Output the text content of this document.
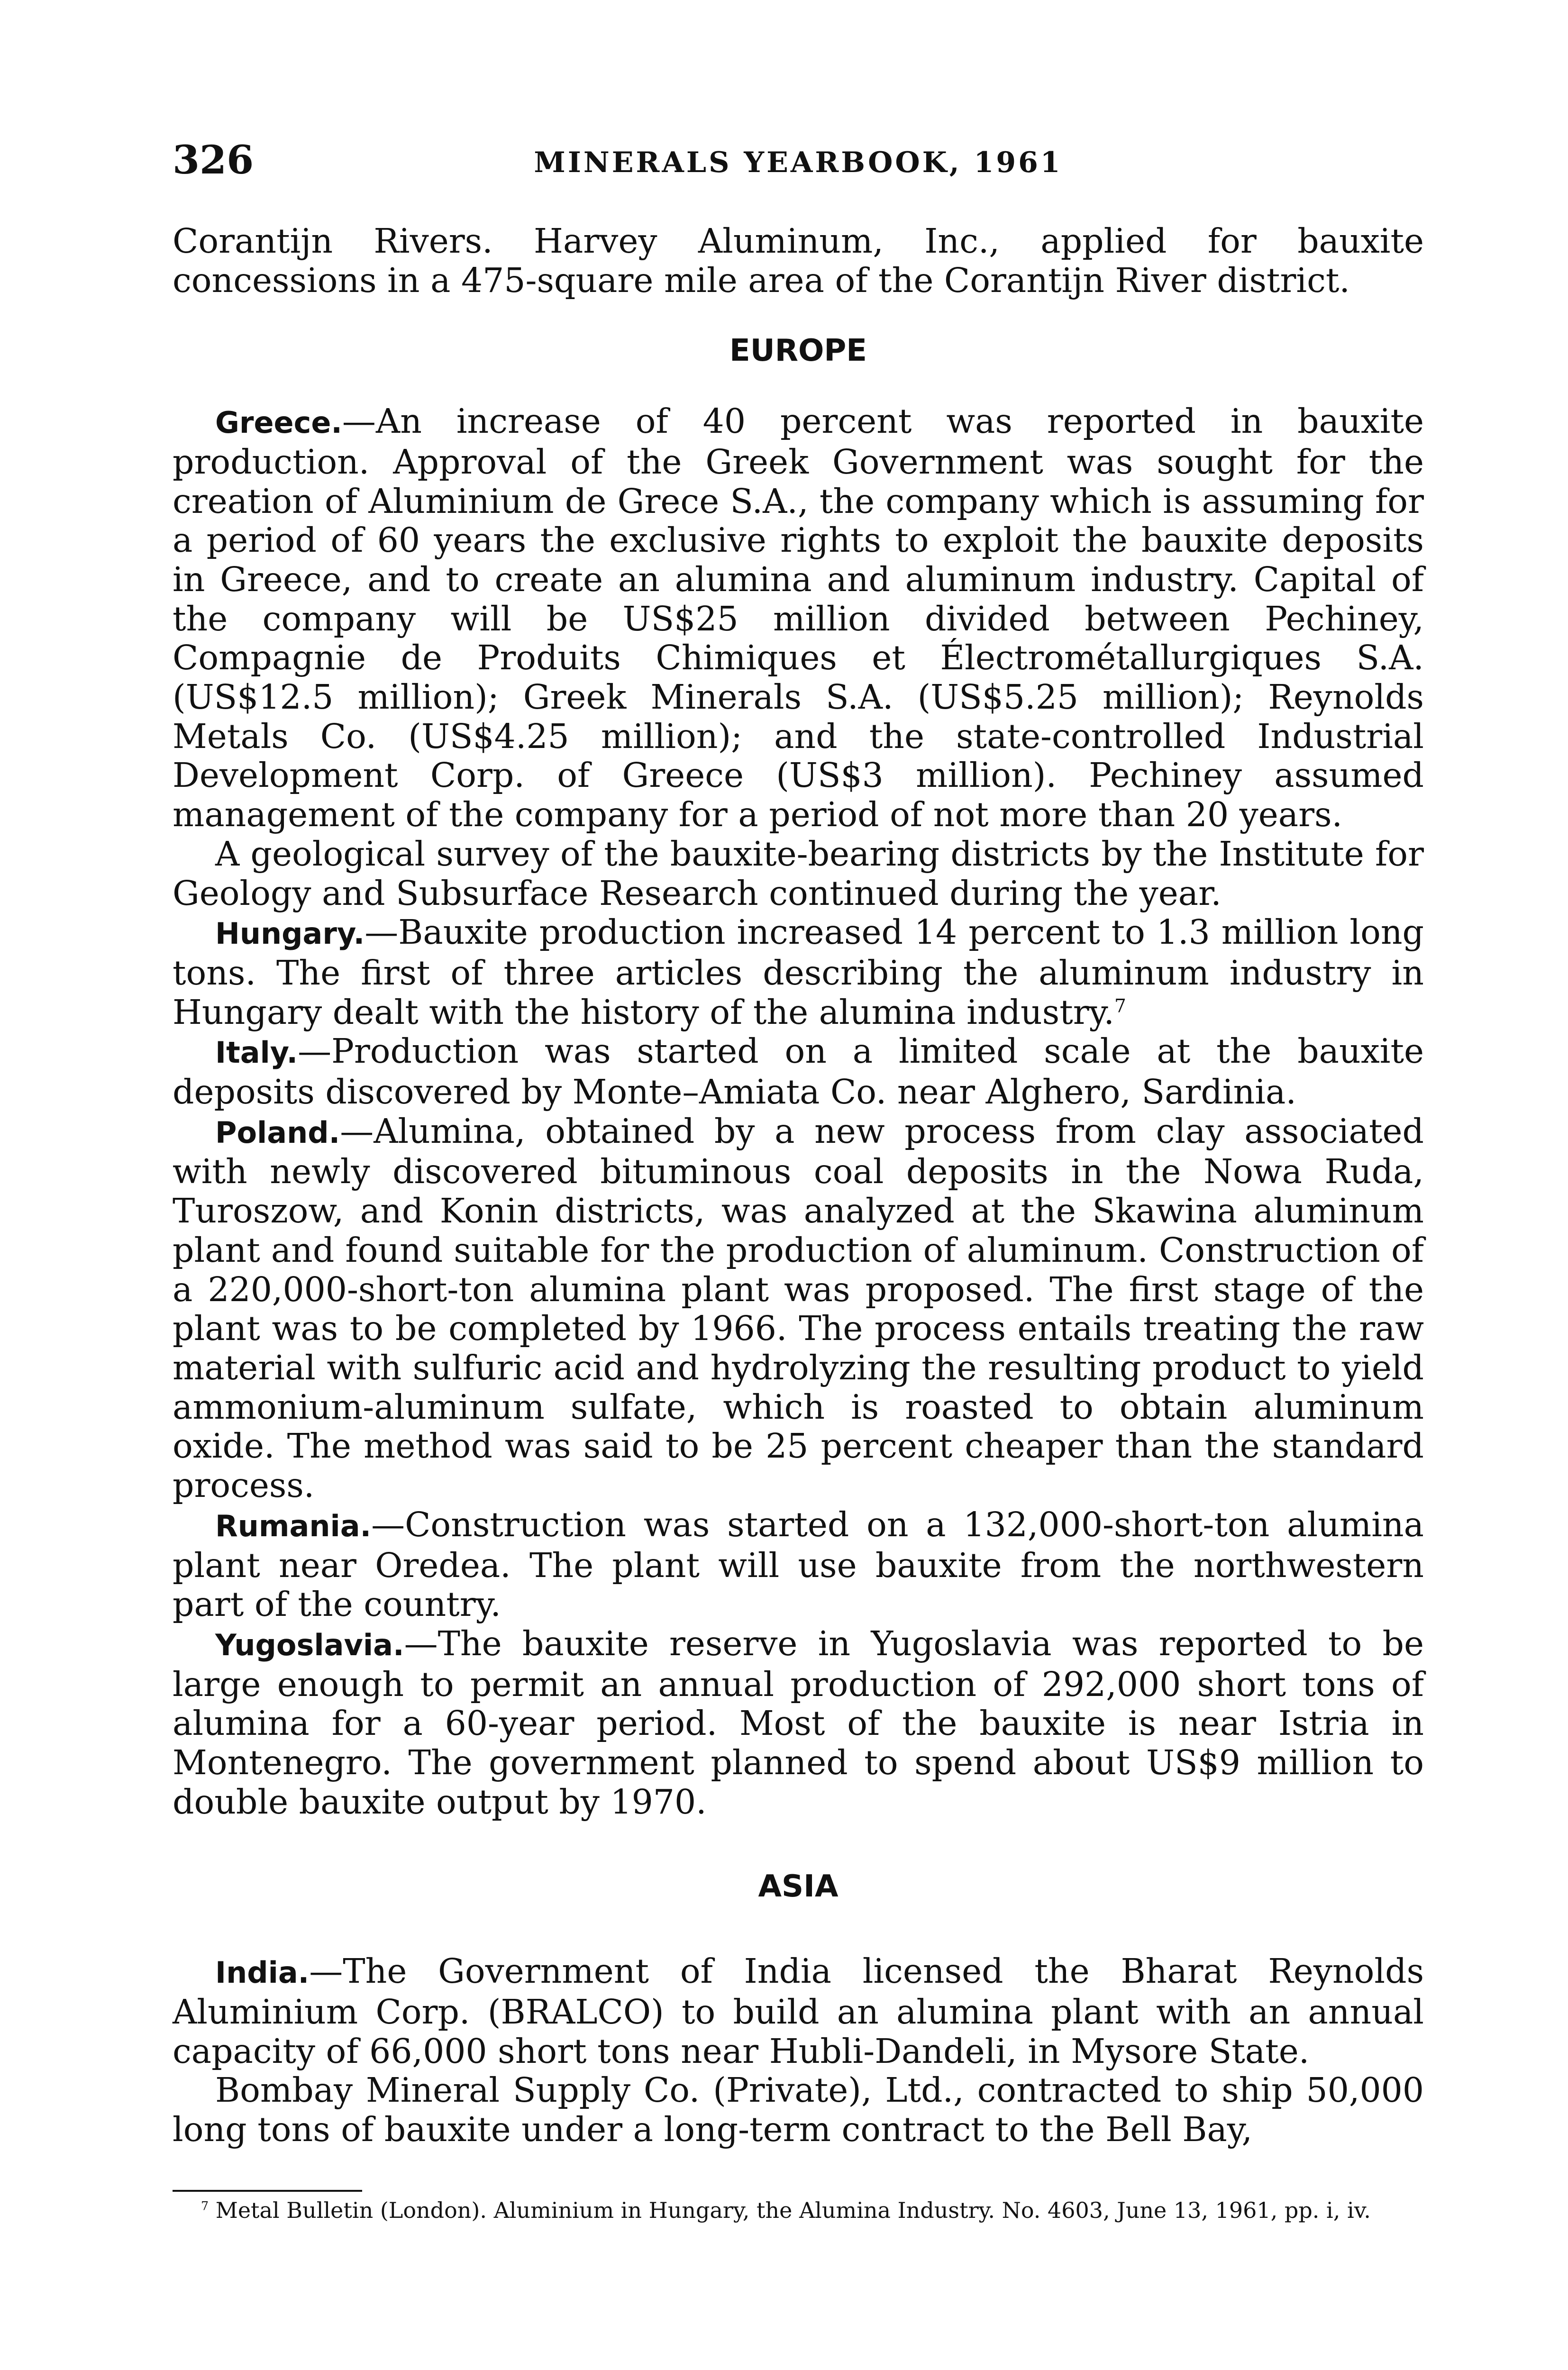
326	MINERALS YEARBOOK, 1961

Corantijn Rivers. Harvey Aluminum, Inc., applied for bauxite concessions in a 475-square mile area of the Corantijn River district.

EUROPE

Greece.—An increase of 40 percent was reported in bauxite production. Approval of the Greek Government was sought for the creation of Aluminium de Grece S.A., the company which is assuming for a period of 60 years the exclusive rights to exploit the bauxite deposits in Greece, and to create an alumina and aluminum industry. Capital of the company will be US$25 million divided between Pechiney, Compagnie de Produits Chimiques et Électrométallurgiques S.A. (US$12.5 million); Greek Minerals S.A. (US$5.25 million); Reynolds Metals Co. (US$4.25 million); and the state-controlled Industrial Development Corp. of Greece (US$3 million). Pechiney assumed management of the company for a period of not more than 20 years.

A geological survey of the bauxite-bearing districts by the Institute for Geology and Subsurface Research continued during the year.

Hungary.—Bauxite production increased 14 percent to 1.3 million long tons. The first of three articles describing the aluminum industry in Hungary dealt with the history of the alumina industry.$^7$

Italy.—Production was started on a limited scale at the bauxite deposits discovered by Monte–Amiata Co. near Alghero, Sardinia.

Poland.—Alumina, obtained by a new process from clay associated with newly discovered bituminous coal deposits in the Nowa Ruda, Turoszow, and Konin districts, was analyzed at the Skawina aluminum plant and found suitable for the production of aluminum. Construction of a 220,000-short-ton alumina plant was proposed. The first stage of the plant was to be completed by 1966. The process entails treating the raw material with sulfuric acid and hydrolyzing the resulting product to yield ammonium-aluminum sulfate, which is roasted to obtain aluminum oxide. The method was said to be 25 percent cheaper than the standard process.

Rumania.—Construction was started on a 132,000-short-ton alumina plant near Oredea. The plant will use bauxite from the northwestern part of the country.

Yugoslavia.—The bauxite reserve in Yugoslavia was reported to be large enough to permit an annual production of 292,000 short tons of alumina for a 60-year period. Most of the bauxite is near Istria in Montenegro. The government planned to spend about US$9 million to double bauxite output by 1970.

ASIA

India.—The Government of India licensed the Bharat Reynolds Aluminium Corp. (BRALCO) to build an alumina plant with an annual capacity of 66,000 short tons near Hubli-Dandeli, in Mysore State.

Bombay Mineral Supply Co. (Private), Ltd., contracted to ship 50,000 long tons of bauxite under a long-term contract to the Bell Bay,

$^7$ Metal Bulletin (London). Aluminium in Hungary, the Alumina Industry. No. 4603, June 13, 1961, pp. i, iv.
